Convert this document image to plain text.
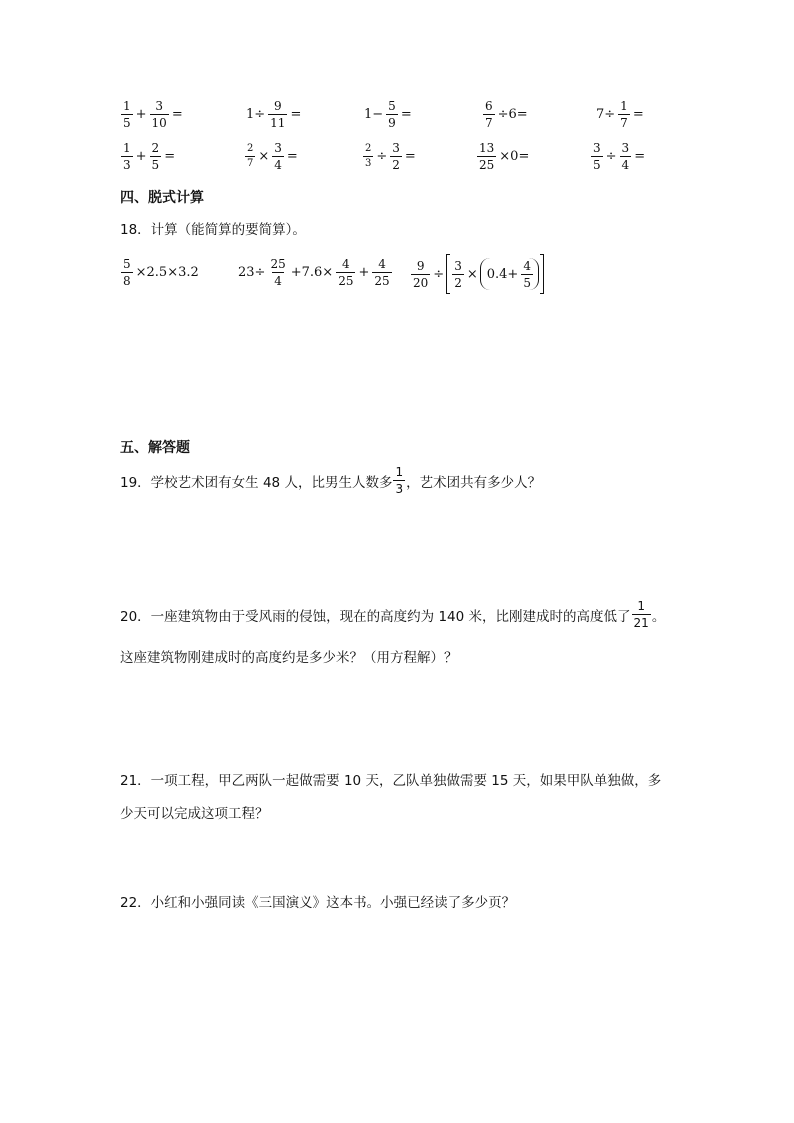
$\frac{1}{5} + \frac{3}{10}$ =	$1\div \frac{9}{11}$ =	$1- \frac{5}{9}$ =	$\frac{6}{7} \div 6=$	$7\div \frac{1}{7}$ =
$\frac{1}{3} + \frac{2}{5}$ =	$\frac{2}{7} \times \frac{3}{4}$ =	$\frac{2}{3} \div \frac{3}{2}$ =	$\frac{13}{25} \times 0=$	$\frac{3}{5} \div \frac{3}{4}$ =
四、脱式计算
18．计算（能简算的要简算）。
$\frac{5}{8} \times 2.5\times 3.2$	$23\div \frac{25}{4} +7.6\times \frac{4}{25} + \frac{4}{25} \frac{9}{20} \div \frac{3}{2} \times 0.4+ \frac{4}{5}$
五、解答题
19．学校艺术团有女生 48 人，比男生人数多 $\frac{1}{3}$ ，艺术团共有多少人？
20．一座建筑物由于受风雨的侵蚀，现在的高度约为 140 米，比刚建成时的高度低了 $\frac{1}{21}$ 。
这座建筑物刚建成时的高度约是多少米？（用方程解）？
21．一项工程，甲乙两队一起做需要 10 天，乙队单独做需要 15 天，如果甲队单独做，多
少天可以完成这项工程？
22．小红和小强同读《三国演义》这本书。小强已经读了多少页？
